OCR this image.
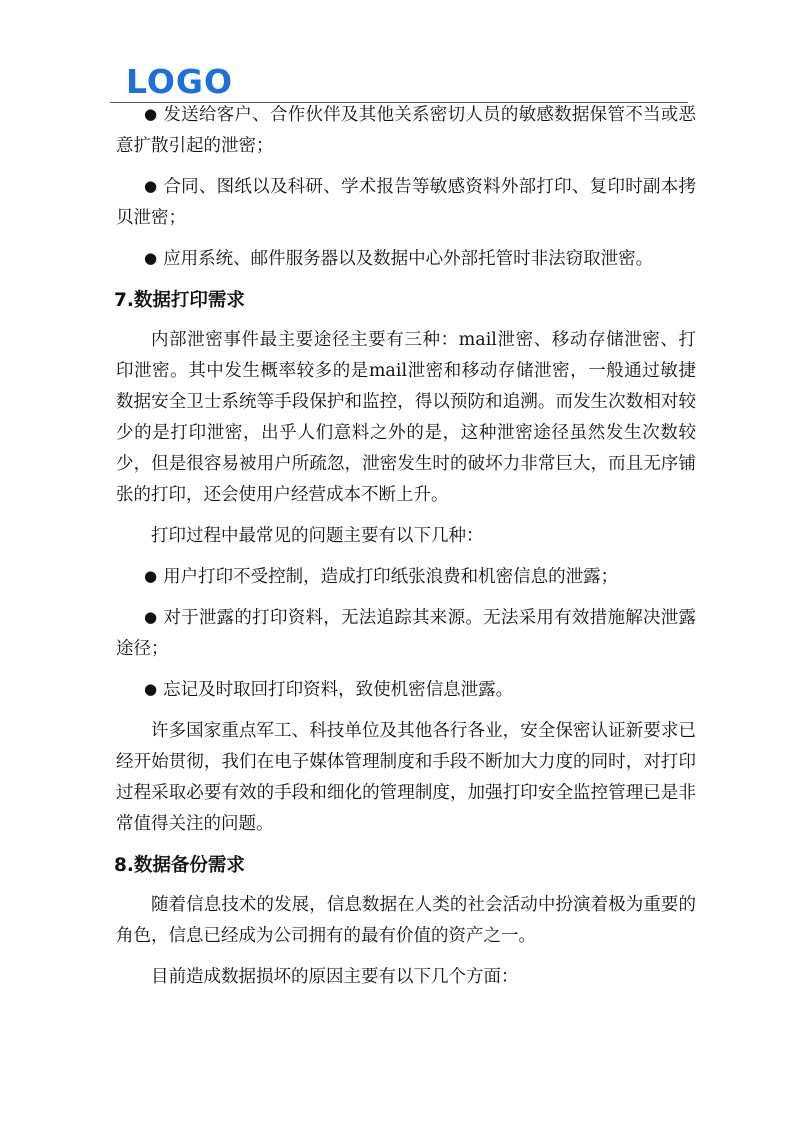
LOGO

● 发送给客户、合作伙伴及其他关系密切人员的敏感数据保管不当或恶意扩散引起的泄密；

● 合同、图纸以及科研、学术报告等敏感资料外部打印、复印时副本拷贝泄密；

● 应用系统、邮件服务器以及数据中心外部托管时非法窃取泄密。

7.数据打印需求

内部泄密事件最主要途径主要有三种：mail泄密、移动存储泄密、打印泄密。其中发生概率较多的是mail泄密和移动存储泄密，一般通过敏捷数据安全卫士系统等手段保护和监控，得以预防和追溯。而发生次数相对较少的是打印泄密，出乎人们意料之外的是，这种泄密途径虽然发生次数较少，但是很容易被用户所疏忽，泄密发生时的破坏力非常巨大，而且无序铺张的打印，还会使用户经营成本不断上升。

打印过程中最常见的问题主要有以下几种：

● 用户打印不受控制，造成打印纸张浪费和机密信息的泄露；

● 对于泄露的打印资料，无法追踪其来源。无法采用有效措施解决泄露途径；

● 忘记及时取回打印资料，致使机密信息泄露。

许多国家重点军工、科技单位及其他各行各业，安全保密认证新要求已经开始贯彻，我们在电子媒体管理制度和手段不断加大力度的同时，对打印过程采取必要有效的手段和细化的管理制度，加强打印安全监控管理已是非常值得关注的问题。

8.数据备份需求

随着信息技术的发展，信息数据在人类的社会活动中扮演着极为重要的角色，信息已经成为公司拥有的最有价值的资产之一。

目前造成数据损坏的原因主要有以下几个方面：
